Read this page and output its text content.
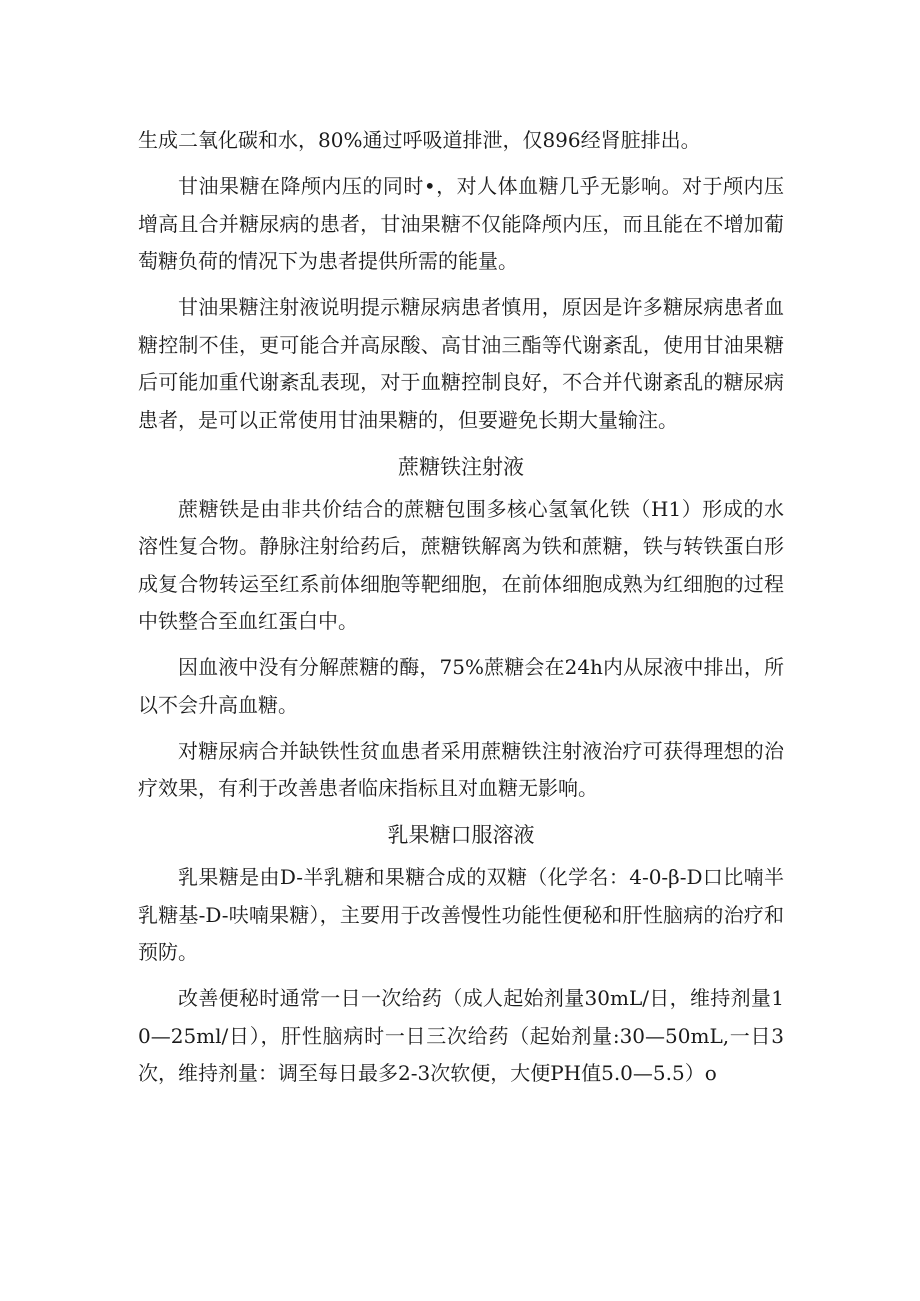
生成二氧化碳和水，80%通过呼吸道排泄，仅896经肾脏排出。

甘油果糖在降颅内压的同时•，对人体血糖几乎无影响。对于颅内压增高且合并糖尿病的患者，甘油果糖不仅能降颅内压，而且能在不增加葡萄糖负荷的情况下为患者提供所需的能量。

甘油果糖注射液说明提示糖尿病患者慎用，原因是许多糖尿病患者血糖控制不佳，更可能合并高尿酸、高甘油三酯等代谢紊乱，使用甘油果糖后可能加重代谢紊乱表现，对于血糖控制良好，不合并代谢紊乱的糖尿病患者，是可以正常使用甘油果糖的，但要避免长期大量输注。

蔗糖铁注射液

蔗糖铁是由非共价结合的蔗糖包围多核心氢氧化铁（H1）形成的水溶性复合物。静脉注射给药后，蔗糖铁解离为铁和蔗糖，铁与转铁蛋白形成复合物转运至红系前体细胞等靶细胞，在前体细胞成熟为红细胞的过程中铁整合至血红蛋白中。

因血液中没有分解蔗糖的酶，75%蔗糖会在24h内从尿液中排出，所以不会升高血糖。

对糖尿病合并缺铁性贫血患者采用蔗糖铁注射液治疗可获得理想的治疗效果，有利于改善患者临床指标且对血糖无影响。

乳果糖口服溶液

乳果糖是由D-半乳糖和果糖合成的双糖（化学名：4-0-β-D口比喃半乳糖基-D-呋喃果糖），主要用于改善慢性功能性便秘和肝性脑病的治疗和预防。

改善便秘时通常一日一次给药（成人起始剂量30mL/日，维持剂量10—25ml/日），肝性脑病时一日三次给药（起始剂量:30—50mL,一日3次，维持剂量：调至每日最多2-3次软便，大便PH值5.0—5.5）o
